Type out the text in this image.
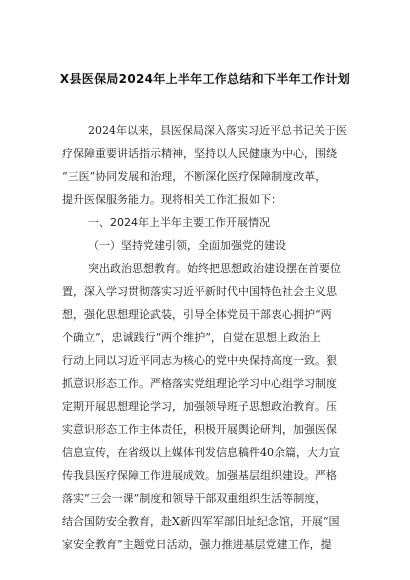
X县医保局2024年上半年工作总结和下半年工作计划
2024年以来，县医保局深入落实习近平总书记关于医
疗保障重要讲话指示精神，坚持以人民健康为中心，围绕
“三医”协同发展和治理，不断深化医疗保障制度改革，
提升医保服务能力。现将相关工作汇报如下：
一、2024年上半年主要工作开展情况
（一）坚持党建引领，全面加强党的建设
突出政治思想教育。始终把思想政治建设摆在首要位
置，深入学习贯彻落实习近平新时代中国特色社会主义思
想，强化思想理论武装，引导全体党员干部衷心拥护“两
个确立”，忠诚践行“两个维护”，自觉在思想上政治上
行动上同以习近平同志为核心的党中央保持高度一致。狠
抓意识形态工作。严格落实党组理论学习中心组学习制度
定期开展思想理论学习，加强领导班子思想政治教育。压
实意识形态工作主体责任，积极开展舆论研判，加强医保
信息宣传，在省级以上媒体刊发信息稿件40余篇，大力宣
传我县医疗保障工作进展成效。加强基层组织建设。严格
落实“三会一课”制度和领导干部双重组织生活等制度，
结合国防安全教育，赴X新四军军部旧址纪念馆，开展“国
家安全教育”主题党日活动，强力推进基层党建工作，提
